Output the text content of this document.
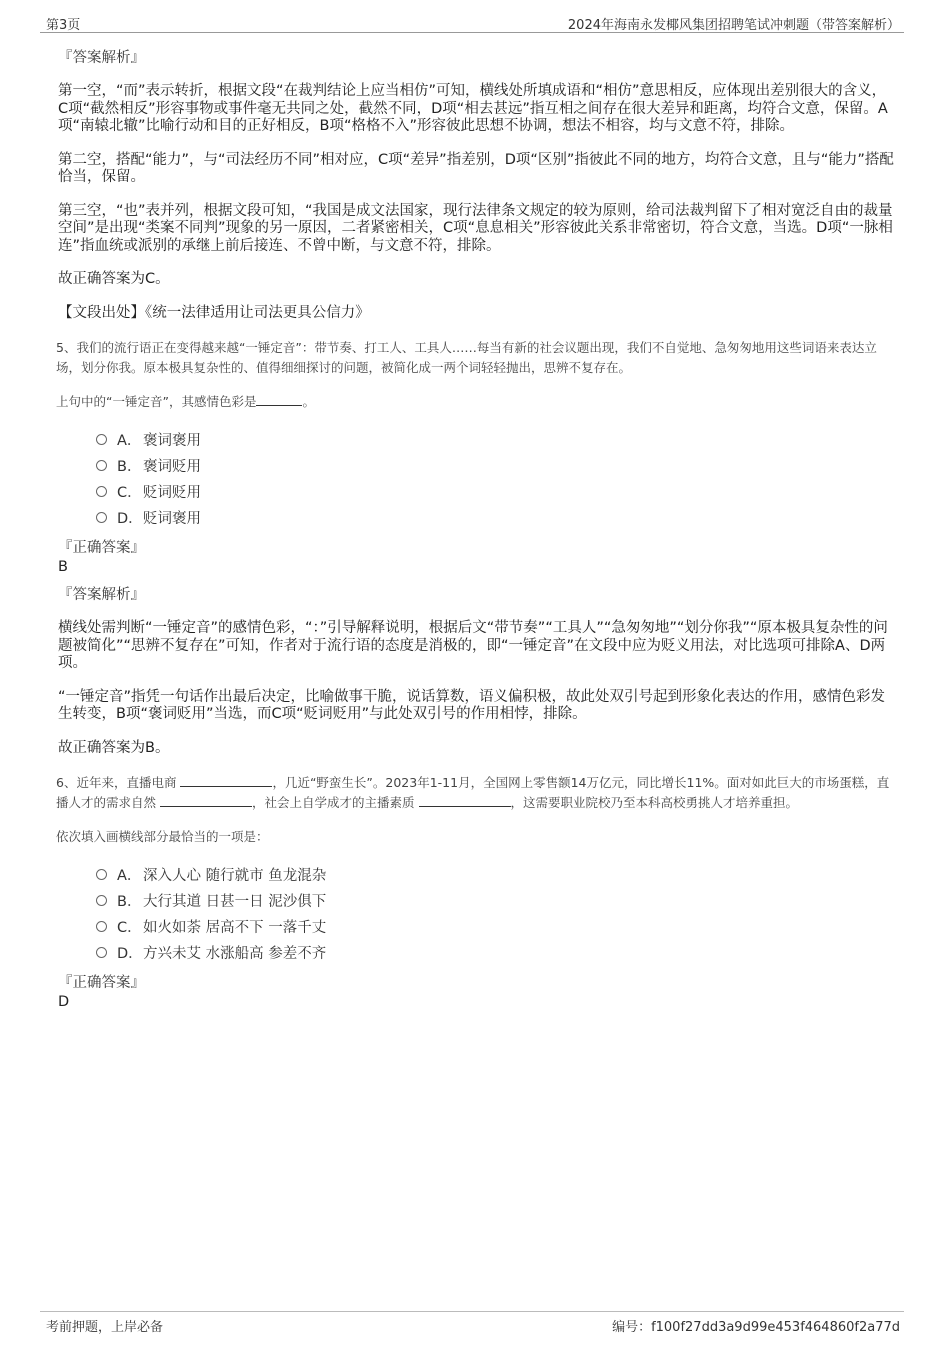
第3页	2024年海南永发椰风集团招聘笔试冲刺题（带答案解析）
『答案解析』

第一空，“而”表示转折，根据文段“在裁判结论上应当相仿”可知，横线处所填成语和“相仿”意思相反，应体现出差别很大的含义，C项“截然相反”形容事物或事件毫无共同之处，截然不同，D项“相去甚远”指互相之间存在很大差异和距离，均符合文意，保留。A项“南辕北辙”比喻行动和目的正好相反，B项“格格不入”形容彼此思想不协调，想法不相容，均与文意不符，排除。

第二空，搭配“能力”，与“司法经历不同”相对应，C项“差异”指差别，D项“区别”指彼此不同的地方，均符合文意，且与“能力”搭配恰当，保留。

第三空，“也”表并列，根据文段可知，“我国是成文法国家，现行法律条文规定的较为原则，给司法裁判留下了相对宽泛自由的裁量空间”是出现“类案不同判”现象的另一原因，二者紧密相关，C项“息息相关”形容彼此关系非常密切，符合文意，当选。D项“一脉相连”指血统或派别的承继上前后接连、不曾中断，与文意不符，排除。

故正确答案为C。

【文段出处】《统一法律适用让司法更具公信力》

5、我们的流行语正在变得越来越“一锤定音”：带节奏、打工人、工具人……每当有新的社会议题出现，我们不自觉地、急匆匆地用这些词语来表达立场，划分你我。原本极具复杂性的、值得细细探讨的问题，被简化成一两个词轻轻抛出，思辨不复存在。

上句中的“一锤定音”，其感情色彩是	。

A． 褒词褒用
B． 褒词贬用
C． 贬词贬用
D． 贬词褒用
『正确答案』
B
『答案解析』

横线处需判断“一锤定音”的感情色彩，“：”引导解释说明，根据后文“带节奏”“工具人”“急匆匆地”“划分你我”“原本极具复杂性的问题被简化”“思辨不复存在”可知，作者对于流行语的态度是消极的，即“一锤定音”在文段中应为贬义用法，对比选项可排除A、D两项。

“一锤定音”指凭一句话作出最后决定，比喻做事干脆，说话算数，语义偏积极，故此处双引号起到形象化表达的作用，感情色彩发生转变，B项“褒词贬用”当选，而C项“贬词贬用”与此处双引号的作用相悖，排除。

故正确答案为B。

6、近年来，直播电商	，几近“野蛮生长”。2023年1-11月，全国网上零售额14万亿元，同比增长11%。面对如此巨大的市场蛋糕，直播人才的需求自然	，社会上自学成才的主播素质	，这需要职业院校乃至本科高校勇挑人才培养重担。

依次填入画横线部分最恰当的一项是：

A． 深入人心 随行就市 鱼龙混杂
B． 大行其道 日甚一日 泥沙俱下
C． 如火如荼 居高不下 一落千丈
D． 方兴未艾 水涨船高 参差不齐
『正确答案』
D
考前押题，上岸必备	编号：f100f27dd3a9d99e453f464860f2a77d
